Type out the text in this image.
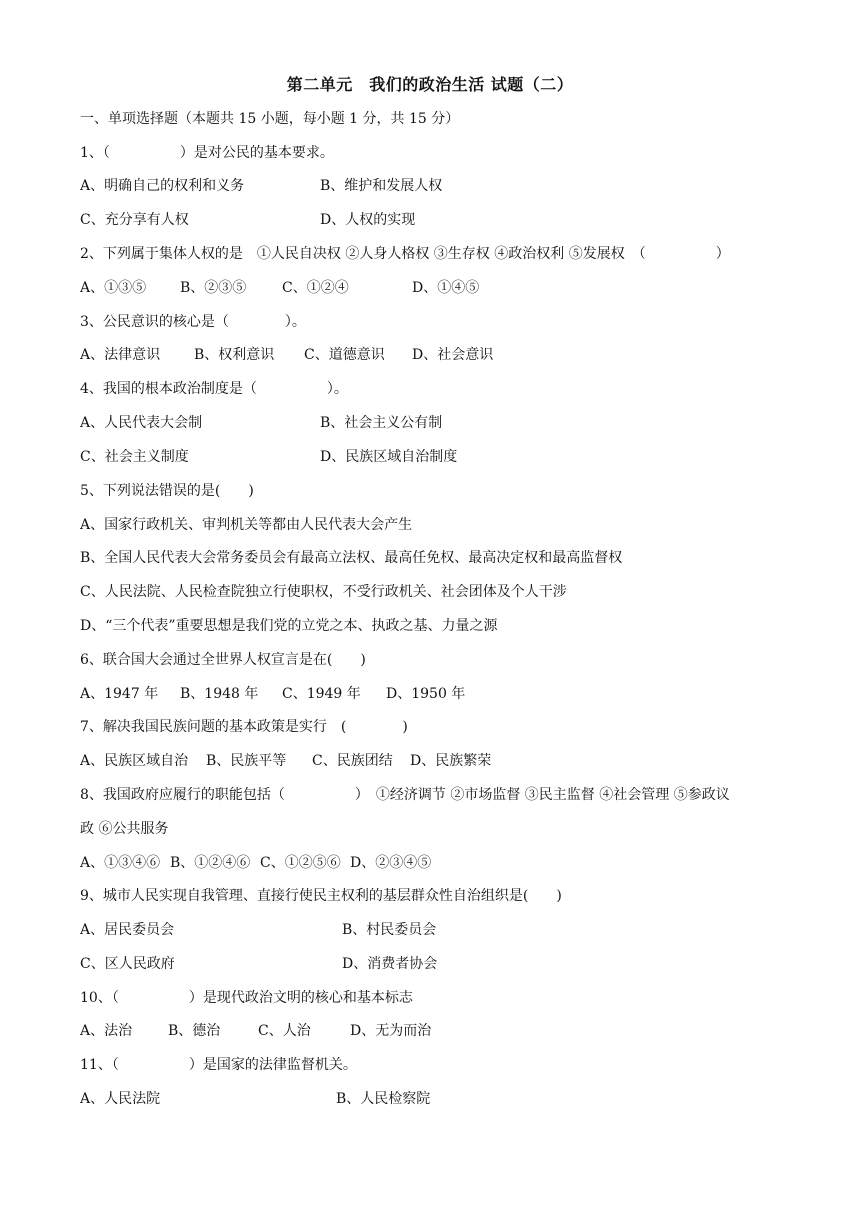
第二单元　我们的政治生活 试题（二）
一、单项选择题（本题共 15 小题，每小题 1 分，共 15 分）
1、（　　　　　）是对公民的基本要求。

A、明确自己的权利和义务

	B、维护和发展人权

C、充分享有人权

	D、人权的实现

2、下列属于集体人权的是　①人民自决权 ②人身人格权 ③生存权 ④政治权利 ⑤发展权　（　　　　　）

A、①③⑤

B、②③⑤

	C、①②④

	D、①④⑤

3、公民意识的核心是（　　　　）。

A、法律意识

B、权利意识

C、道德意识

D、社会意识

4、我国的根本政治制度是（　　　　　）。

A、人民代表大会制

	B、社会主义公有制

C、社会主义制度

	D、民族区域自治制度

5、下列说法错误的是(　　)
A、国家行政机关、审判机关等都由人民代表大会产生
B、全国人民代表大会常务委员会有最高立法权、最高任免权、最高决定权和最高监督权
C、人民法院、人民检查院独立行使职权，不受行政机关、社会团体及个人干涉
D、“三个代表”重要思想是我们党的立党之本、执政之基、力量之源
6、联合国大会通过全世界人权宣言是在(　　)

A、1947 年

B、1948 年

C、1949 年

D、1950 年

7、解决我国民族问题的基本政策是实行　(　　　　)

A、民族区域自治

B、民族平等

C、民族团结

D、民族繁荣

8、我国政府应履行的职能包括（　　　　　）　①经济调节 ②市场监督 ③民主监督 ④社会管理 ⑤参政议
政 ⑥公共服务

A、①③④⑥

B、①②④⑥

C、①②⑤⑥

D、②③④⑤

9、城市人民实现自我管理、直接行使民主权利的基层群众性自治组织是(　　)

A、居民委员会

	B、村民委员会

C、区人民政府

	D、消费者协会

10、（　　　　　）是现代政治文明的核心和基本标志

A、法治

	B、德治

	C、人治

	D、无为而治

11、（　　　　　）是国家的法律监督机关。

A、人民法院

	B、人民检察院
